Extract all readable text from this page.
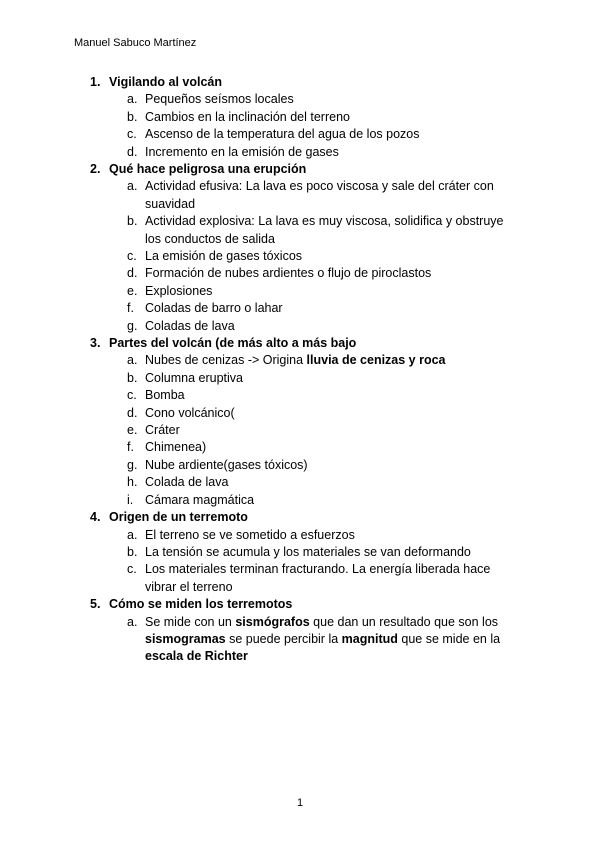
Manuel Sabuco Martínez
1. Vigilando al volcán
a. Pequeños seísmos locales
b. Cambios en la inclinación del terreno
c. Ascenso de la temperatura del agua de los pozos
d. Incremento en la emisión de gases
2. Qué hace peligrosa una erupción
a. Actividad efusiva: La lava es poco viscosa y sale del cráter con suavidad
b. Actividad explosiva: La lava es muy viscosa, solidifica y obstruye los conductos de salida
c. La emisión de gases tóxicos
d. Formación de nubes ardientes o flujo de piroclastos
e. Explosiones
f. Coladas de barro o lahar
g. Coladas de lava
3. Partes del volcán (de más alto a más bajo
a. Nubes de cenizas -> Origina lluvia de cenizas y roca
b. Columna eruptiva
c. Bomba
d. Cono volcánico(
e. Cráter
f. Chimenea)
g. Nube ardiente(gases tóxicos)
h. Colada de lava
i. Cámara magmática
4. Origen de un terremoto
a. El terreno se ve sometido a esfuerzos
b. La tensión se acumula y los materiales se van deformando
c. Los materiales terminan fracturando. La energía liberada hace vibrar el terreno
5. Cómo se miden los terremotos
a. Se mide con un sismógrafos que dan un resultado que son los sismogramas se puede percibir la magnitud que se mide en la escala de Richter
1
